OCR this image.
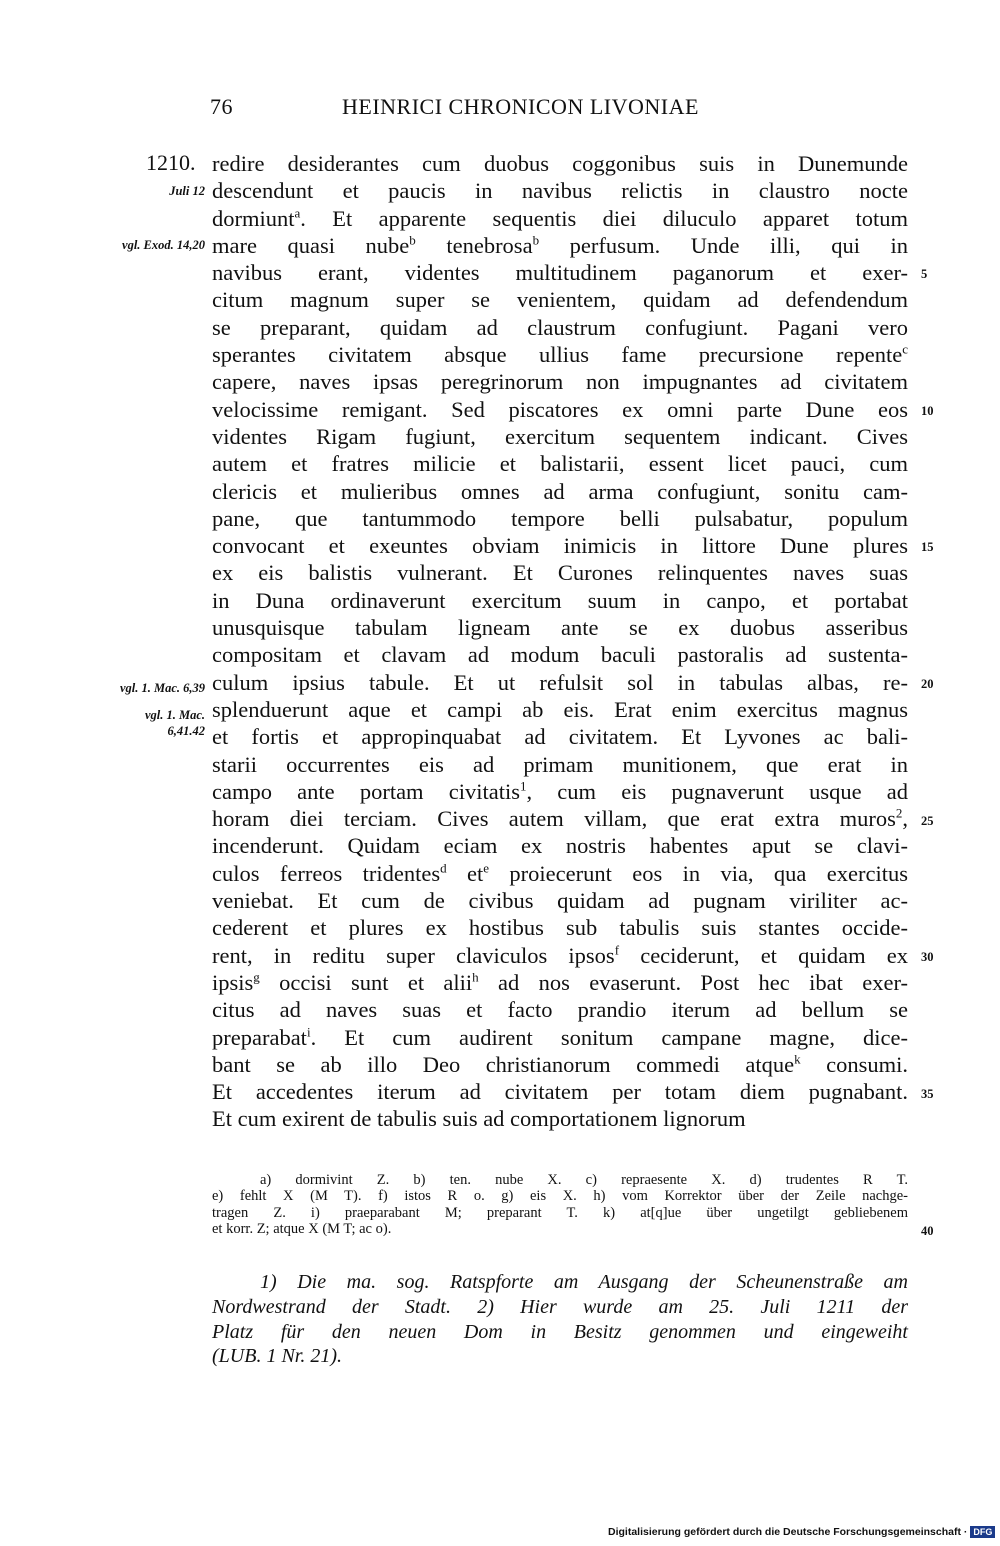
76	HEINRICI CHRONICON LIVONIAE
1210.
Juli 12
vgl. Exod. 14,20
vgl. 1. Mac. 6,39
vgl. 1. Mac.
6,41.42
redire desiderantes cum duobus coggonibus suis in Dunemunde
descendunt et paucis in navibus relictis in claustro nocte
dormiunt$^a$. Et apparente sequentis diei diluculo apparet totum
mare quasi nube$^b$ tenebrosa$^b$ perfusum. Unde illi, qui in
navibus erant, videntes multitudinem paganorum et exer-
citum magnum super se venientem, quidam ad defendendum
se preparant, quidam ad claustrum confugiunt. Pagani vero
sperantes civitatem absque ullius fame precursione repente$^c$
capere, naves ipsas peregrinorum non impugnantes ad civitatem
velocissime remigant. Sed piscatores ex omni parte Dune eos
videntes Rigam fugiunt, exercitum sequentem indicant. Cives
autem et fratres milicie et balistarii, essent licet pauci, cum
clericis et mulieribus omnes ad arma confugiunt, sonitu cam-
pane, que tantummodo tempore belli pulsabatur, populum
convocant et exeuntes obviam inimicis in littore Dune plures
ex eis balistis vulnerant. Et Curones relinquentes naves suas
in Duna ordinaverunt exercitum suum in canpo, et portabat
unusquisque tabulam ligneam ante se ex duobus asseribus
compositam et clavam ad modum baculi pastoralis ad sustenta-
culum ipsius tabule. Et ut refulsit sol in tabulas albas, re-
splenduerunt aque et campi ab eis. Erat enim exercitus magnus
et fortis et appropinquabat ad civitatem. Et Lyvones ac bali-
starii occurrentes eis ad primam munitionem, que erat in
campo ante portam civitatis$^1$, cum eis pugnaverunt usque ad
horam diei terciam. Cives autem villam, que erat extra muros$^2$,
incenderunt. Quidam eciam ex nostris habentes aput se clavi-
culos ferreos tridentes$^d$ $et^e$ proiecerunt eos in via, qua exercitus
veniebat. Et cum de civibus quidam ad pugnam viriliter ac-
cederent et plures ex hostibus sub tabulis suis stantes occide-
rent, in reditu super claviculos ipsos$^f$ ceciderunt, et quidam ex
ipsis$^g$ occisi sunt et alii$^h$ ad nos evaserunt. Post hec ibat exer-
citus ad naves suas et facto prandio iterum ad bellum se
preparabat$^i$. Et cum audirent sonitum campane magne, dice-
bant se ab illo Deo christianorum commedi atque$^k$ consumi.
Et accedentes iterum ad civitatem per totam diem pugnabant.
Et cum exirent de tabulis suis ad comportationem lignorum
5
10
15
20
25
30
35
40
a) dormivint Z. b) ten. nube X. c) repraesente X. d) trudentes R T.
e) fehlt X (M T). f) istos R o. g) eis X. h) vom Korrektor über der Zeile nachge-
tragen Z. i) praeparabant M; preparant T. k) at[q]ue über ungetilgt gebliebenem
et korr. Z; atque X (M T; ac o).
1) Die ma. sog. Ratspforte am Ausgang der Scheunenstraße am
Nordwestrand der Stadt. 2) Hier wurde am 25. Juli 1211 der
Platz für den neuen Dom in Besitz genommen und eingeweiht
(LUB. 1 Nr. 21).
Digitalisierung gefördert durch die Deutsche Forschungsgemeinschaft · DFG
